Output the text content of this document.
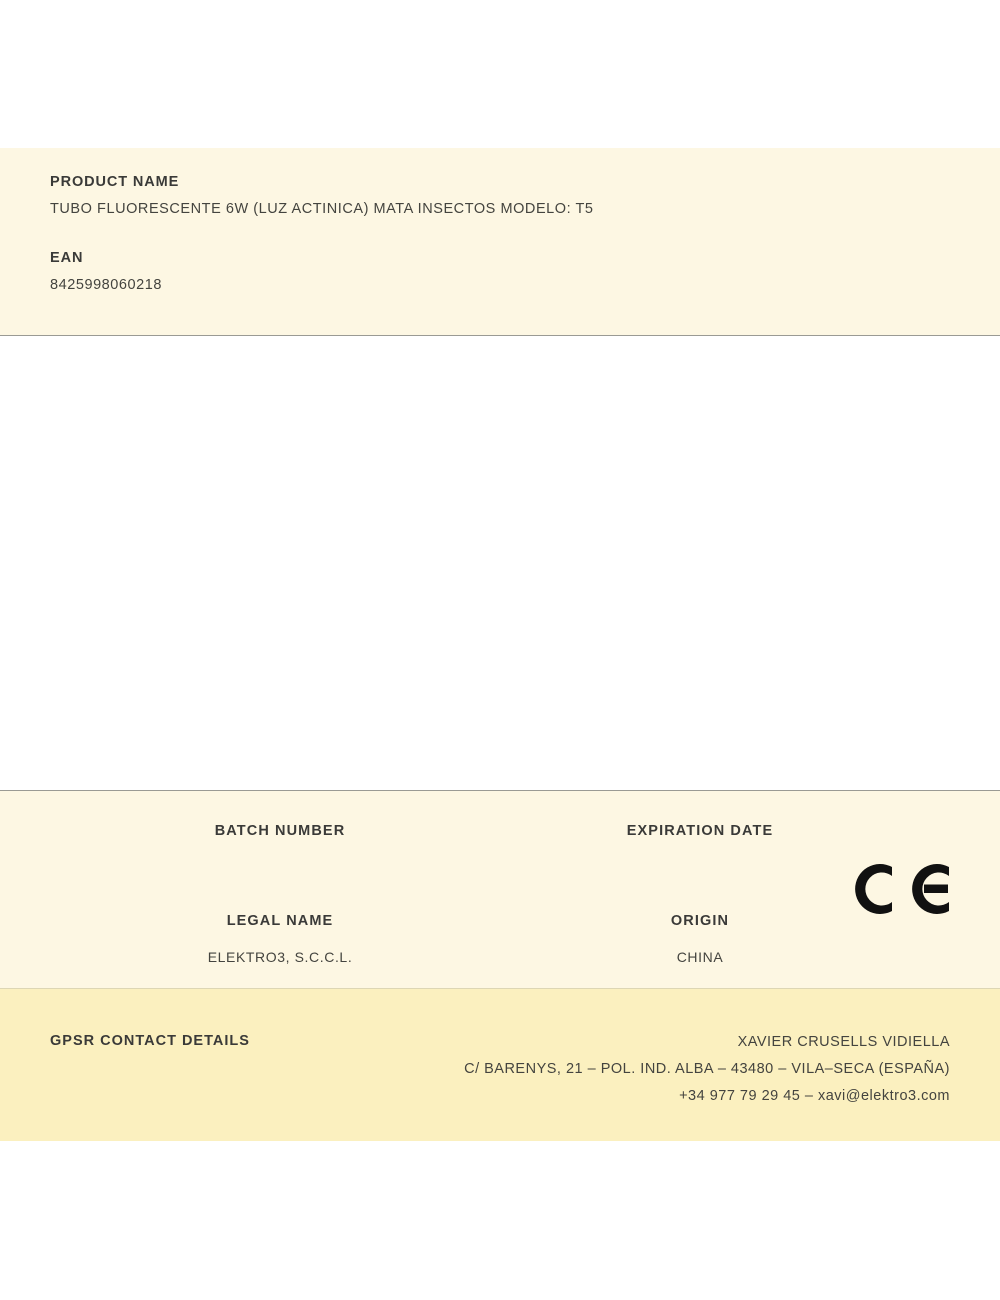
PRODUCT NAME

TUBO FLUORESCENTE 6W (LUZ ACTINICA) MATA INSECTOS MODELO: T5

EAN

8425998060218

BATCH NUMBER	EXPIRATION DATE

LEGAL NAME

ELEKTRO3, S.C.C.L.

ORIGIN

CHINA

GPSR CONTACT DETAILS	XAVIER CRUSELLS VIDIELLA
C/ BARENYS, 21 – POL. IND. ALBA – 43480 – VILA–SECA (ESPAÑA)
+34 977 79 29 45 – xavi@elektro3.com
